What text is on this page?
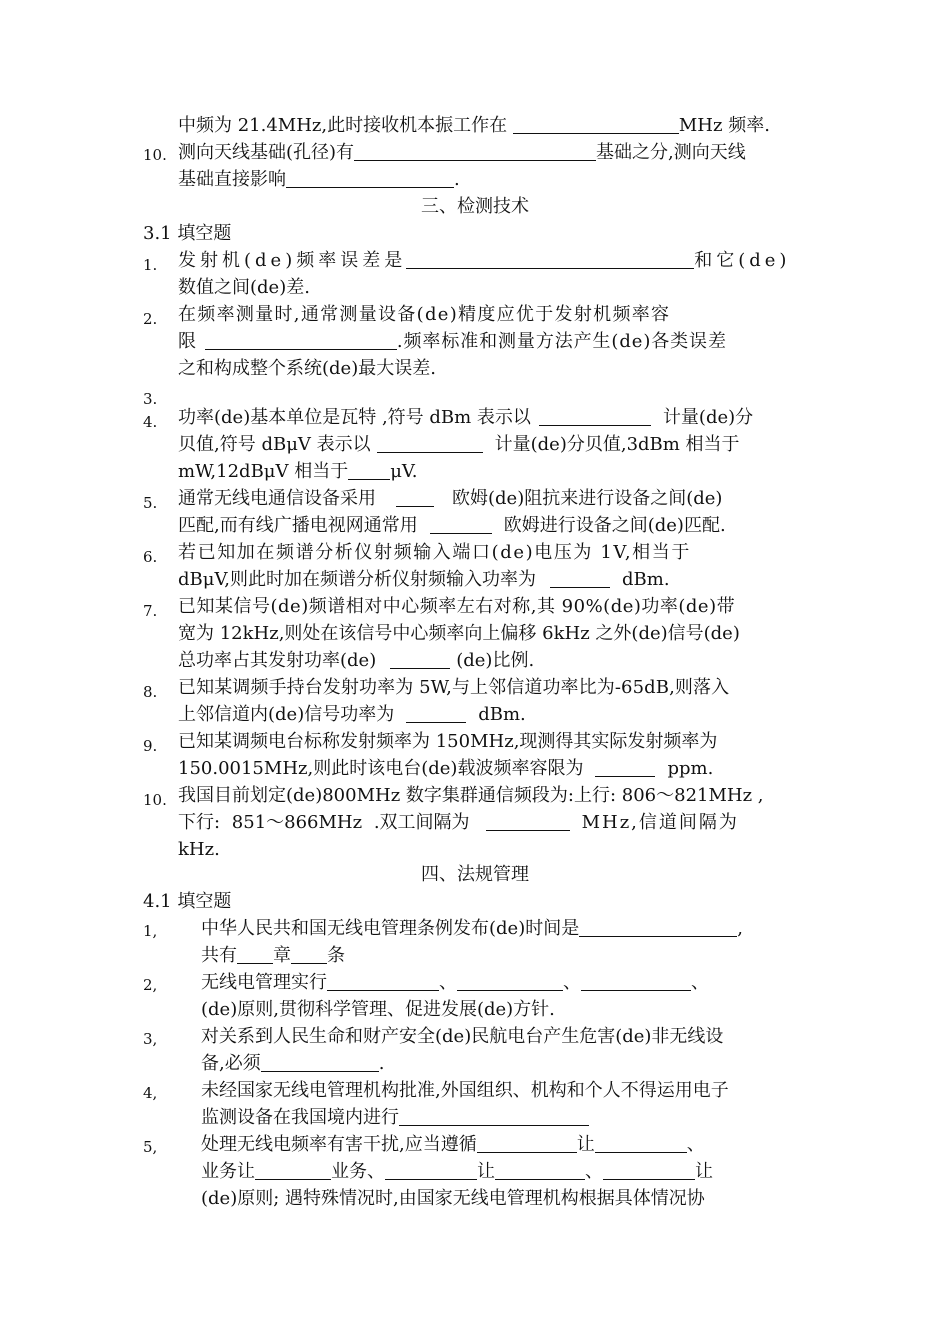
中频为 21.4MHz,此时接收机本振工作在	MHz 频率.
10. 测向天线基础(孔径)有	基础之分,测向天线
基础直接影响	.
三、检测技术
3.1 填空题
1. 发射机(de)频率误差是	和它(de)
数值之间(de)差.
2. 在频率测量时,通常测量设备(de)精度应优于发射机频率容
限	.频率标准和测量方法产生(de)各类误差
之和构成整个系统(de)最大误差.
3.
4. 功率(de)基本单位是瓦特 ,符号 dBm 表示以	计量(de)分
贝值,符号 dBμV 表示以	计量(de)分贝值,3dBm 相当于
mW,12dBμV 相当于 μV.
5. 通常无线电通信设备采用	欧姆(de)阻抗来进行设备之间(de)
匹配,而有线广播电视网通常用	欧姆进行设备之间(de)匹配.
6. 若已知加在频谱分析仪射频输入端口(de)电压为 1V,相当于
dBμV,则此时加在频谱分析仪射频输入功率为	dBm.
7. 已知某信号(de)频谱相对中心频率左右对称,其 90%(de)功率(de)带
宽为 12kHz,则处在该信号中心频率向上偏移 6kHz 之外(de)信号(de)
总功率占其发射功率(de)	(de)比例.
8. 已知某调频手持台发射功率为 5W,与上邻信道功率比为-65dB,则落入
上邻信道内(de)信号功率为	dBm.
9. 已知某调频电台标称发射频率为 150MHz,现测得其实际发射频率为
150.0015MHz,则此时该电台(de)载波频率容限为	ppm.
10. 我国目前划定(de)800MHz 数字集群通信频段为:上行: 806～821MHz ,
下行: 851～866MHz .双工间隔为	MHz,信道间隔为
kHz.
四、法规管理
4.1 填空题
1, 中华人民共和国无线电管理条例发布(de)时间是	,
共有 章 条
2, 无线电管理实行	、	、	、
(de)原则,贯彻科学管理、促进发展(de)方针.
3, 对关系到人民生命和财产安全(de)民航电台产生危害(de)非无线设
备,必须	.
4, 未经国家无线电管理机构批准,外国组织、机构和个人不得运用电子
监测设备在我国境内进行
5, 处理无线电频率有害干扰,应当遵循	让	、
业务让	业务、	让	、	让
(de)原则; 遇特殊情况时,由国家无线电管理机构根据具体情况协
